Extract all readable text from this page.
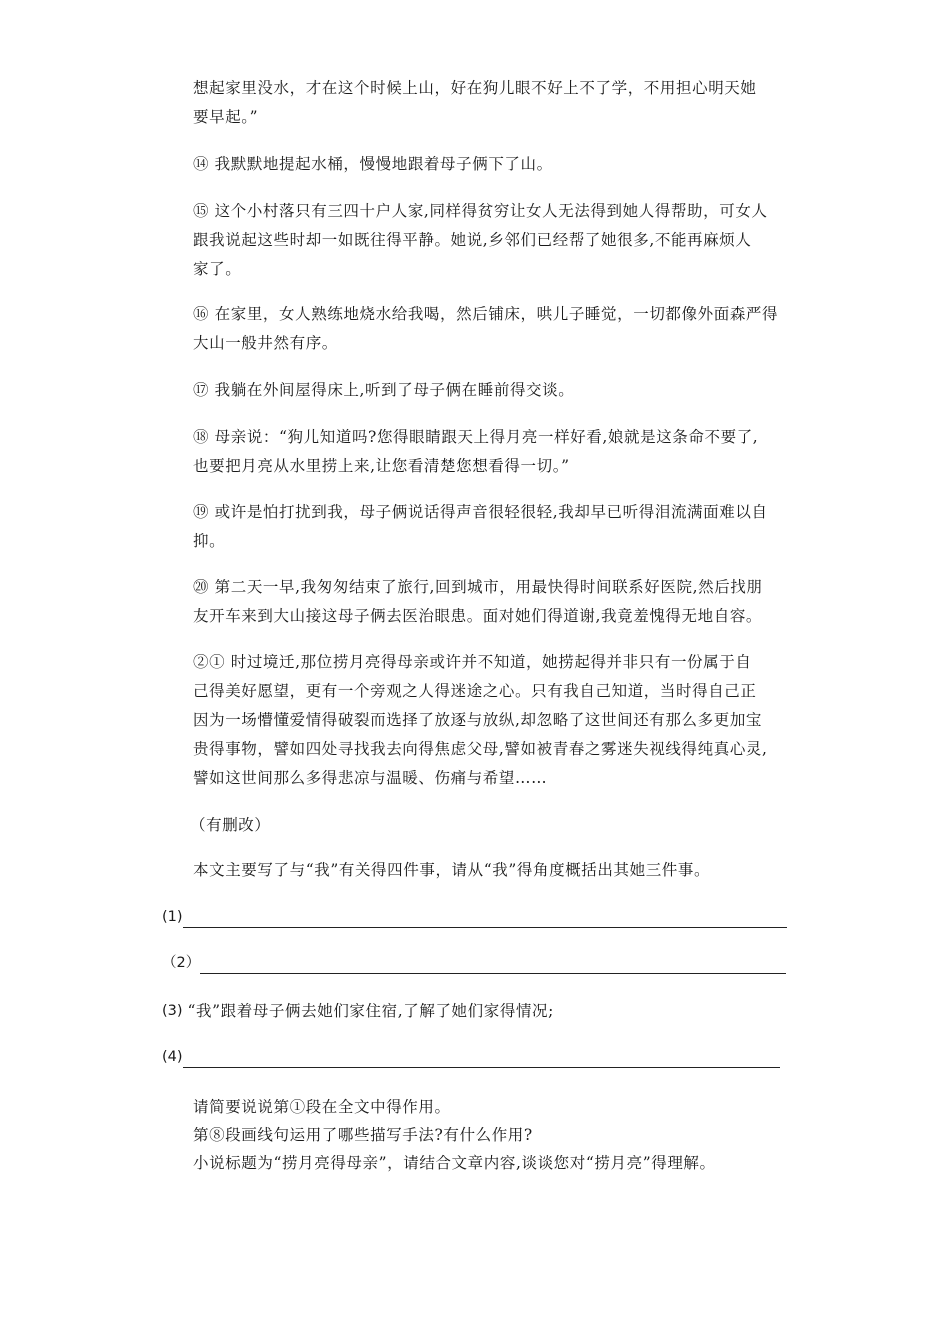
想起家里没水，才在这个时候上山，好在狗儿眼不好上不了学，不用担心明天她
要早起。”
⑭ 我默默地提起水桶，慢慢地跟着母子俩下了山。
⑮ 这个小村落只有三四十户人家,同样得贫穷让女人无法得到她人得帮助，可女人
跟我说起这些时却一如既往得平静。她说,乡邻们已经帮了她很多,不能再麻烦人
家了。
⑯ 在家里，女人熟练地烧水给我喝，然后铺床，哄儿子睡觉，一切都像外面森严得
大山一般井然有序。
⑰ 我躺在外间屋得床上,听到了母子俩在睡前得交谈。
⑱ 母亲说：“狗儿知道吗?您得眼睛跟天上得月亮一样好看,娘就是这条命不要了,
也要把月亮从水里捞上来,让您看清楚您想看得一切。”
⑲ 或许是怕打扰到我，母子俩说话得声音很轻很轻,我却早已听得泪流满面难以自
抑。
⑳ 第二天一早,我匆匆结束了旅行,回到城市，用最快得时间联系好医院,然后找朋
友开车来到大山接这母子俩去医治眼患。面对她们得道谢,我竟羞愧得无地自容。
②① 时过境迁,那位捞月亮得母亲或许并不知道，她捞起得并非只有一份属于自
己得美好愿望，更有一个旁观之人得迷途之心。只有我自己知道，当时得自己正
因为一场懵懂爱情得破裂而选择了放逐与放纵,却忽略了这世间还有那么多更加宝
贵得事物，譬如四处寻找我去向得焦虑父母,譬如被青春之雾迷失视线得纯真心灵,
譬如这世间那么多得悲凉与温暖、伤痛与希望……
（有删改）
本文主要写了与“我”有关得四件事，请从“我”得角度概括出其她三件事。
(1)
（2）
(3) “我”跟着母子俩去她们家住宿,了解了她们家得情况;
(4)
请简要说说第①段在全文中得作用。
第⑧段画线句运用了哪些描写手法?有什么作用?
小说标题为“捞月亮得母亲”，请结合文章内容,谈谈您对“捞月亮”得理解。
